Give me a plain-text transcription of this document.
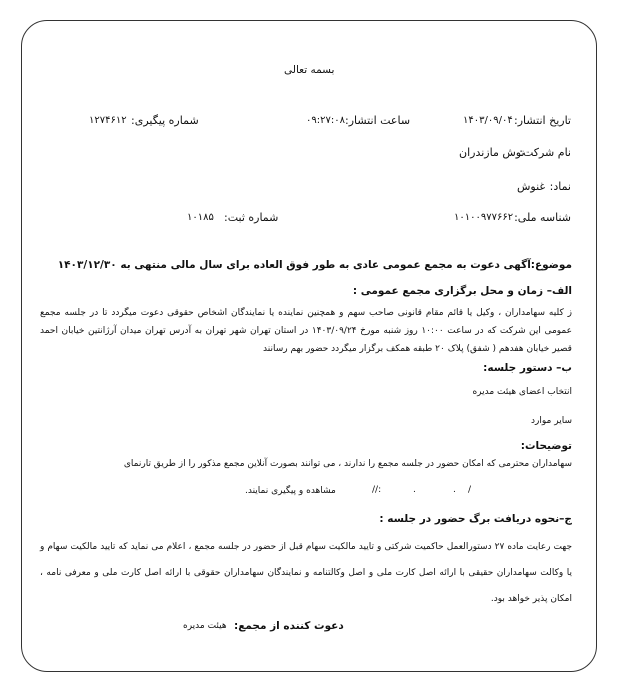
بسمه تعالی
تاریخ انتشار:
۱۴۰۳/۰۹/۰۴
ساعت انتشار:
۰۹:۲۷:۰۸
شماره پیگیری:
۱۲۷۴۶۱۲
نام شرکت:
نوش مازندران
نماد:
غنوش
شناسه ملی:
۱۰۱۰۰۹۷۷۶۶۲
شماره ثبت:
۱۰۱۸۵
موضوع:آگهی دعوت به مجمع عمومی عادی به طور فوق العاده برای سال مالی منتهی به ۱۴۰۳/۱۲/۳۰
الف– زمان و محل برگزاری مجمع عمومی :
ز کلیه سهامداران ، وکیل یا قائم مقام قانونی صاحب سهم و همچنین نماینده یا نمایندگان اشخاص حقوقی دعوت میگردد تا در جلسه مجمع عمومی این شرکت که در ساعت ۱۰:۰۰ روز شنبه مورخ ۱۴۰۳/۰۹/۲۴ در استان تهران شهر تهران به آدرس تهران میدان آرژانتین خیابان احمد قصیر خیابان هفدهم ( شفق) پلاک ۲۰ طبقه همکف برگزار میگردد حضور بهم رسانند
ب– دستور جلسه:
انتخاب اعضای هیئت مدیره
سایر موارد
توضیحات:
سهامداران محترمی که امکان حضور در جلسه مجمع را ندارند ، می توانند بصورت آنلاین مجمع مذکور را از طریق تارنمای
/
.
.
://
مشاهده و پیگیری نمایند.
ج–نحوه دریافت برگ حضور در جلسه :
جهت رعایت ماده ۲۷ دستورالعمل حاکمیت شرکتی و تایید مالکیت سهام قبل از حضور در جلسه مجمع ، اعلام می نماید که تایید مالکیت سهام و یا وکالت سهامداران حقیقی با ارائه اصل کارت ملی و اصل وکالتنامه و نمایندگان سهامداران حقوقی با ارائه اصل کارت ملی و معرفی نامه ، امکان پذیر خواهد بود.
دعوت کننده از مجمع:
هیئت مدیره
